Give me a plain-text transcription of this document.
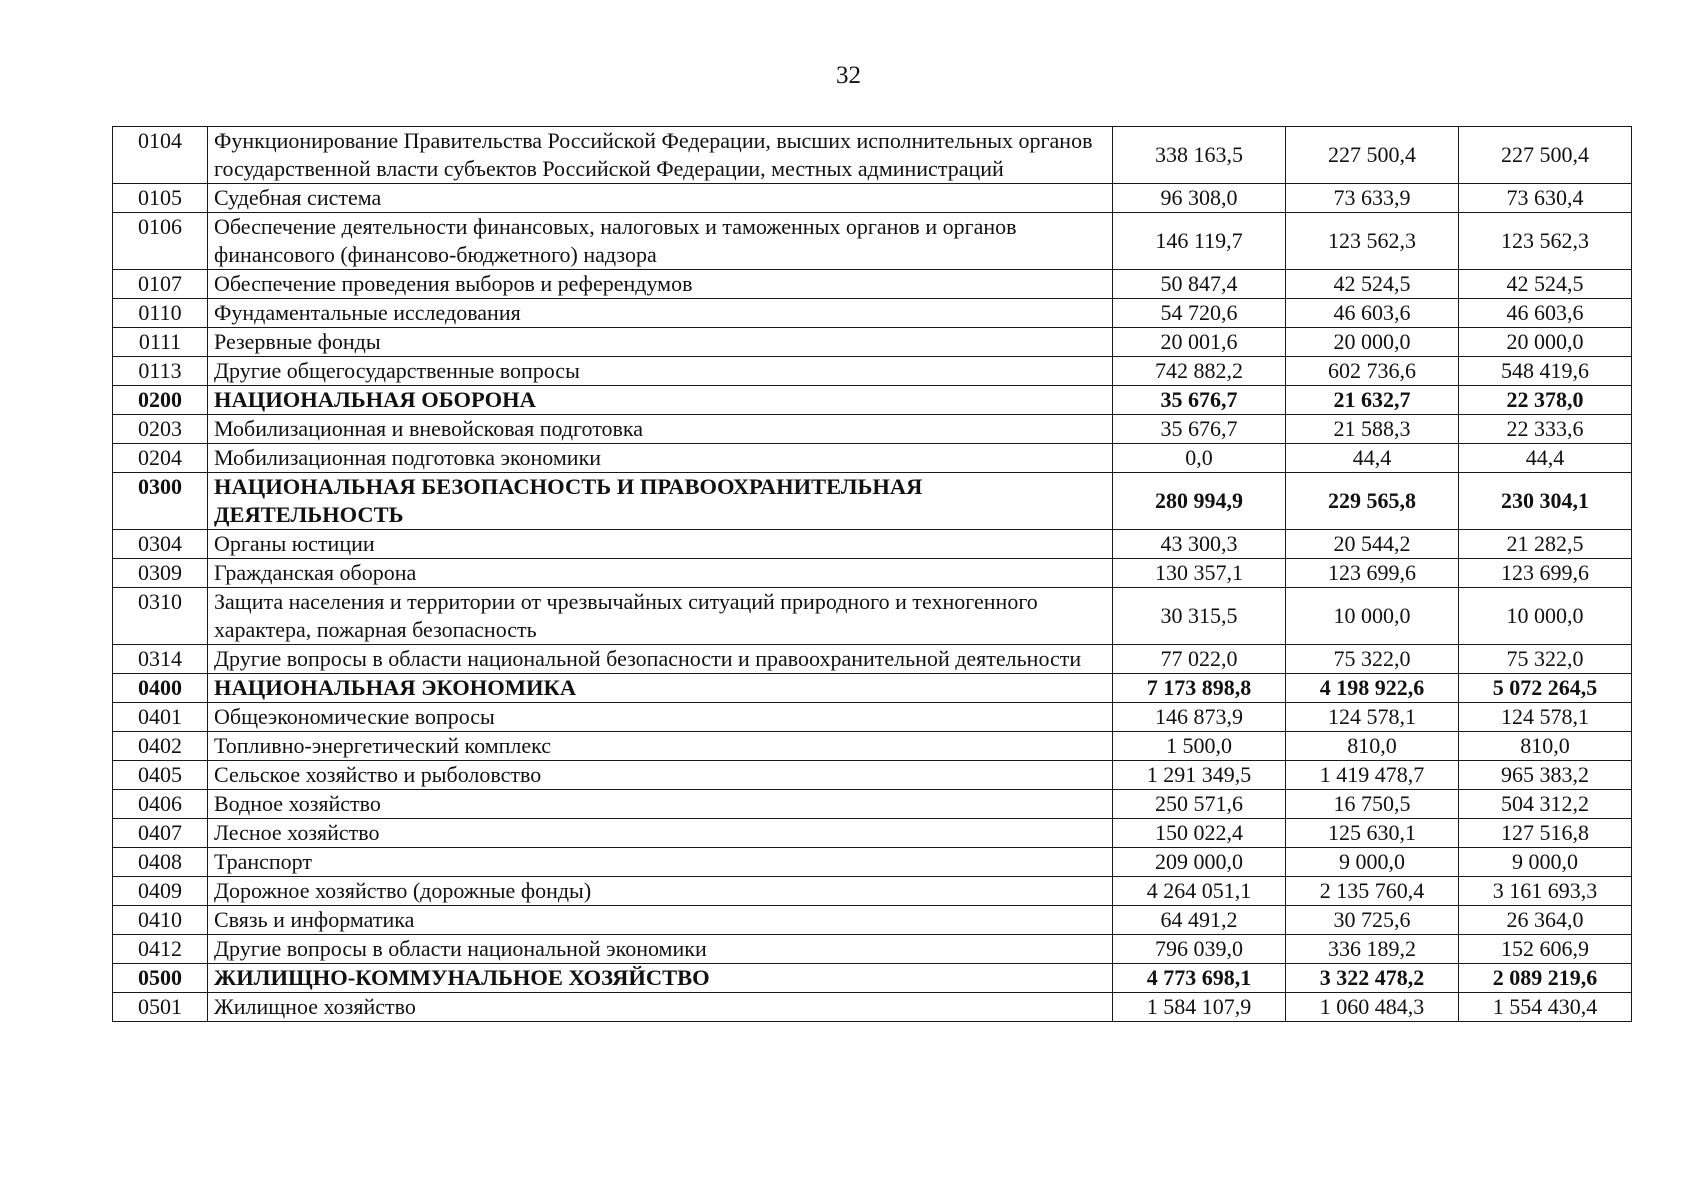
32
0104	Функционирование Правительства Российской Федерации, высших исполнительных органов государственной власти субъектов Российской Федерации, местных администраций	338 163,5	227 500,4	227 500,4
0105	Судебная система	96 308,0	73 633,9	73 630,4
0106	Обеспечение деятельности финансовых, налоговых и таможенных органов и органов финансового (финансово-бюджетного) надзора	146 119,7	123 562,3	123 562,3
0107	Обеспечение проведения выборов и референдумов	50 847,4	42 524,5	42 524,5
0110	Фундаментальные исследования	54 720,6	46 603,6	46 603,6
0111	Резервные фонды	20 001,6	20 000,0	20 000,0
0113	Другие общегосударственные вопросы	742 882,2	602 736,6	548 419,6
0200	НАЦИОНАЛЬНАЯ ОБОРОНА	35 676,7	21 632,7	22 378,0
0203	Мобилизационная и вневойсковая подготовка	35 676,7	21 588,3	22 333,6
0204	Мобилизационная подготовка экономики	0,0	44,4	44,4
0300	НАЦИОНАЛЬНАЯ БЕЗОПАСНОСТЬ И ПРАВООХРАНИТЕЛЬНАЯ ДЕЯТЕЛЬНОСТЬ	280 994,9	229 565,8	230 304,1
0304	Органы юстиции	43 300,3	20 544,2	21 282,5
0309	Гражданская оборона	130 357,1	123 699,6	123 699,6
0310	Защита населения и территории от чрезвычайных ситуаций природного и техногенного характера, пожарная безопасность	30 315,5	10 000,0	10 000,0
0314	Другие вопросы в области национальной безопасности и правоохранительной деятельности	77 022,0	75 322,0	75 322,0
0400	НАЦИОНАЛЬНАЯ ЭКОНОМИКА	7 173 898,8	4 198 922,6	5 072 264,5
0401	Общеэкономические вопросы	146 873,9	124 578,1	124 578,1
0402	Топливно-энергетический комплекс	1 500,0	810,0	810,0
0405	Сельское хозяйство и рыболовство	1 291 349,5	1 419 478,7	965 383,2
0406	Водное хозяйство	250 571,6	16 750,5	504 312,2
0407	Лесное хозяйство	150 022,4	125 630,1	127 516,8
0408	Транспорт	209 000,0	9 000,0	9 000,0
0409	Дорожное хозяйство (дорожные фонды)	4 264 051,1	2 135 760,4	3 161 693,3
0410	Связь и информатика	64 491,2	30 725,6	26 364,0
0412	Другие вопросы в области национальной экономики	796 039,0	336 189,2	152 606,9
0500	ЖИЛИЩНО-КОММУНАЛЬНОЕ ХОЗЯЙСТВО	4 773 698,1	3 322 478,2	2 089 219,6
0501	Жилищное хозяйство	1 584 107,9	1 060 484,3	1 554 430,4
